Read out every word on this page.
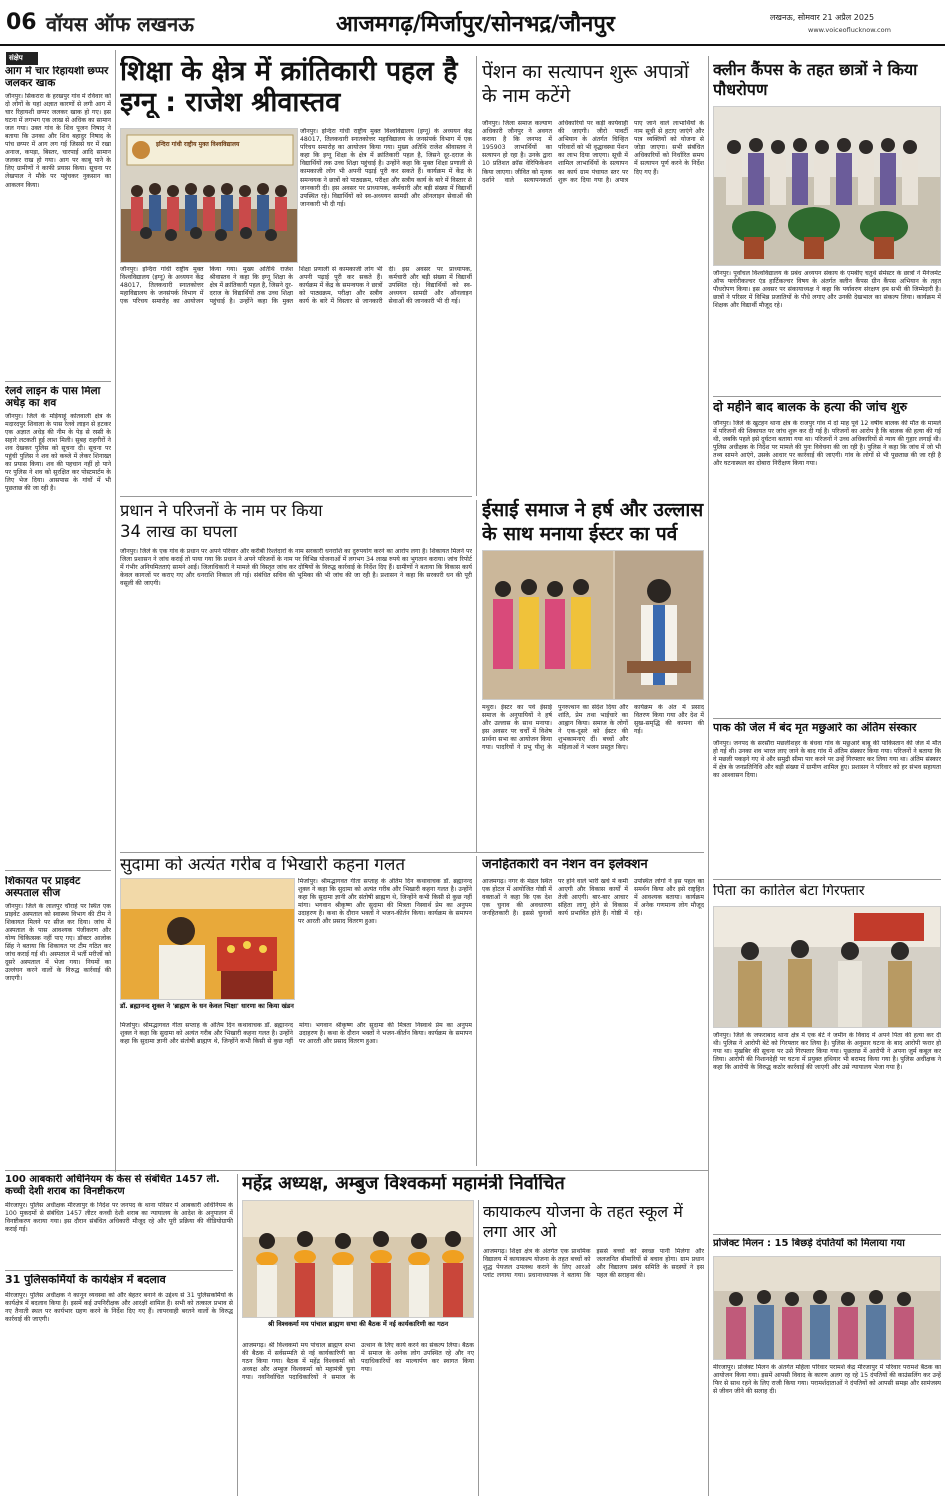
06 वॉयस ऑफ लखनऊ	आजमगढ़/मिर्जापुर/सोनभद्र/जौनपुर	लखनऊ, सोमवार 21 अप्रैल 2025
www.voiceoflucknow.com
संक्षेप
आग में चार रिहायशी छप्पर जलकर खाक
जौनपुर। सिकरारा के हरखपुर गांव में रविवार को दो लोगों के यहां अज्ञात कारणों से लगी आग में चार रिहायशी छप्पर जलकर खाक हो गए। इस घटना में लगभग एक लाख से अधिक का सामान जल गया। उक्त गांव के शिव पूजन निषाद ने बताया कि उनका और शिव बहादुर निषाद के पांच छप्पर में आग लग गई जिससे घर में रखा अनाज, कपड़ा, बिस्तर, चारपाई आदि सामान जलकर राख हो गया। आग पर काबू पाने के लिए ग्रामीणों ने काफी प्रयास किया। सूचना पर लेखपाल ने मौके पर पहुंचकर नुकसान का आकलन किया।
रेलवे लाइन के पास मिला अधेड़ का शव
जौनपुर। जिले के मड़ियाहूं कोतवाली क्षेत्र के मदारदपुर शिवाला के पास रेलवे लाइन से हटकर एक अज्ञात अधेड़ की नीम के पेड़ से रस्सी के सहारे लटकती हुई लाश मिली। सुबह राहगीरों ने शव देखकर पुलिस को सूचना दी। सूचना पर पहुंची पुलिस ने शव को कब्जे में लेकर शिनाख्त का प्रयास किया। शव की पहचान नहीं हो पाने पर पुलिस ने शव को सुरक्षित कर पोस्टमार्टम के लिए भेज दिया। आसपास के गांवों में भी पूछताछ की जा रही है।
शिकायत पर प्राइवेट अस्पताल सीज
जौनपुर। जिले के लालपुर चौराहे पर स्थित एक प्राइवेट अस्पताल को स्वास्थ्य विभाग की टीम ने शिकायत मिलने पर सीज कर दिया। जांच में अस्पताल के पास आवश्यक पंजीकरण और योग्य चिकित्सक नहीं पाए गए। डॉक्टर आलोक सिंह ने बताया कि शिकायत पर टीम गठित कर जांच कराई गई थी। अस्पताल में भर्ती मरीजों को दूसरे अस्पताल में भेजा गया। नियमों का उल्लंघन करने वालों के विरुद्ध कार्रवाई की जाएगी।
शिक्षा के क्षेत्र में क्रांतिकारी पहल है इग्नू : राजेश श्रीवास्तव
इन्दिरा गांधी राष्ट्रीय मुक्त विश्वविद्यालय
जौनपुर। इन्दिरा गांधी राष्ट्रीय मुक्त विश्वविद्यालय (इग्नू) के अध्ययन केंद्र 48017, तिलकधारी स्नातकोत्तर महाविद्यालय के जनसंपर्क विभाग में एक परिचय समारोह का आयोजन किया गया। मुख्य अतिथि राजेश श्रीवास्तव ने कहा कि इग्नू शिक्षा के क्षेत्र में क्रांतिकारी पहल है, जिसने दूर-दराज के विद्यार्थियों तक उच्च शिक्षा पहुंचाई है। उन्होंने कहा कि मुक्त शिक्षा प्रणाली से कामकाजी लोग भी अपनी पढ़ाई पूरी कर सकते हैं। कार्यक्रम में केंद्र के समन्वयक ने छात्रों को पाठ्यक्रम, परीक्षा और सत्रीय कार्य के बारे में विस्तार से जानकारी दी। इस अवसर पर प्राध्यापक, कर्मचारी और बड़ी संख्या में विद्यार्थी उपस्थित रहे। विद्यार्थियों को स्व-अध्ययन सामग्री और ऑनलाइन सेवाओं की जानकारी भी दी गई।
जौनपुर। इन्दिरा गांधी राष्ट्रीय मुक्त विश्वविद्यालय (इग्नू) के अध्ययन केंद्र 48017, तिलकधारी स्नातकोत्तर महाविद्यालय के जनसंपर्क विभाग में एक परिचय समारोह का आयोजन किया गया। मुख्य अतिथि राजेश श्रीवास्तव ने कहा कि इग्नू शिक्षा के क्षेत्र में क्रांतिकारी पहल है, जिसने दूर-दराज के विद्यार्थियों तक उच्च शिक्षा पहुंचाई है। उन्होंने कहा कि मुक्त शिक्षा प्रणाली से कामकाजी लोग भी अपनी पढ़ाई पूरी कर सकते हैं। कार्यक्रम में केंद्र के समन्वयक ने छात्रों को पाठ्यक्रम, परीक्षा और सत्रीय कार्य के बारे में विस्तार से जानकारी दी। इस अवसर पर प्राध्यापक, कर्मचारी और बड़ी संख्या में विद्यार्थी उपस्थित रहे। विद्यार्थियों को स्व-अध्ययन सामग्री और ऑनलाइन सेवाओं की जानकारी भी दी गई।
पेंशन का सत्यापन शुरू अपात्रों के नाम कटेंगे
जौनपुर। जिला समाज कल्याण अधिकारी जौनपुर ने अवगत कराया है कि जनपद में 195903 लाभार्थियों का सत्यापन हो रहा है। उनके द्वारा 10 प्रतिशत क्रॉस वेरिफिकेशन किया जाएगा। जीवित को मृतक दर्शाने वाले सत्यापनकर्ता अधिकारियों पर कड़ी कार्यवाही की जाएगी। जीरो पावर्टी अभियान के अंतर्गत चिन्हित परिवारों को भी वृद्धावस्था पेंशन का लाभ दिया जाएगा। सूची में शामिल लाभार्थियों के सत्यापन का कार्य ग्राम पंचायत स्तर पर शुरू कर दिया गया है। अपात्र पाए जाने वाले लाभार्थियों के नाम सूची से हटाए जाएंगे और पात्र व्यक्तियों को योजना से जोड़ा जाएगा। सभी संबंधित अधिकारियों को निर्धारित समय में सत्यापन पूर्ण करने के निर्देश दिए गए हैं।
क्लीन कैंपस के तहत छात्रों ने किया पौधरोपण
जौनपुर। पूर्वांचल विश्वविद्यालय के प्रबंध अध्ययन संकाय के एमबीए चतुर्थ सेमेस्टर के छात्रों ने मैनेजमेंट ऑफ फ्लोरीकल्चर एंड हार्टिकल्चर विषय के अंतर्गत क्लीन कैंपस ग्रीन कैंपस अभियान के तहत पौधरोपण किया। इस अवसर पर संकायाध्यक्ष ने कहा कि पर्यावरण संरक्षण हम सभी की जिम्मेदारी है। छात्रों ने परिसर में विभिन्न प्रजातियों के पौधे लगाए और उनकी देखभाल का संकल्प लिया। कार्यक्रम में शिक्षक और विद्यार्थी मौजूद रहे।
दो महीने बाद बालक के हत्या की जांच शुरु
जौनपुर। जिले के खुटहन थाना क्षेत्र के राजपुर गांव में दो माह पूर्व 12 वर्षीय बालक की मौत के मामले में परिजनों की शिकायत पर जांच शुरू कर दी गई है। परिजनों का आरोप है कि बालक की हत्या की गई थी, जबकि पहले इसे दुर्घटना बताया गया था। परिजनों ने उच्च अधिकारियों से न्याय की गुहार लगाई थी। पुलिस अधीक्षक के निर्देश पर मामले की पुनः विवेचना की जा रही है। पुलिस ने कहा कि जांच में जो भी तथ्य सामने आएंगे, उसके आधार पर कार्रवाई की जाएगी। गांव के लोगों से भी पूछताछ की जा रही है और घटनास्थल का दोबारा निरीक्षण किया गया।
पाक की जेल में बंद मृत मछुआरे का अंतिम संस्कार
जौनपुर। जनपद के सरसौरा मछलीशहर के बंधवा गांव के मछुआरे बाबू की पाकिस्तान की जेल में मौत हो गई थी। उनका शव भारत लाए जाने के बाद गांव में अंतिम संस्कार किया गया। परिजनों ने बताया कि वे मछली पकड़ने गए थे और समुद्री सीमा पार करने पर उन्हें गिरफ्तार कर लिया गया था। अंतिम संस्कार में क्षेत्र के जनप्रतिनिधि और बड़ी संख्या में ग्रामीण शामिल हुए। प्रशासन ने परिवार को हर संभव सहायता का आश्वासन दिया।
पिता का कातिल बेटा गिरफ्तार
जौनपुर। जिले के जफराबाद थाना क्षेत्र में एक बेटे ने जमीन के विवाद में अपने पिता की हत्या कर दी थी। पुलिस ने आरोपी बेटे को गिरफ्तार कर लिया है। पुलिस के अनुसार घटना के बाद आरोपी फरार हो गया था। मुखबिर की सूचना पर उसे गिरफ्तार किया गया। पूछताछ में आरोपी ने अपना जुर्म कबूल कर लिया। आरोपी की निशानदेही पर घटना में प्रयुक्त हथियार भी बरामद किया गया है। पुलिस अधीक्षक ने कहा कि आरोपी के विरुद्ध कठोर कार्रवाई की जाएगी और उसे न्यायालय भेजा गया है।
प्रोजेक्ट मिलन : 15 बिछड़े दंपतियों को मिलाया गया
मीरजापुर। प्रोजेक्ट मिलन के अंतर्गत महिला परिवार परामर्श केंद्र मीरजापुर में परिवार परामर्श बैठक का आयोजन किया गया। इसमें आपसी विवाद के कारण अलग रह रहे 15 दंपतियों की काउंसलिंग कर उन्हें फिर से साथ रहने के लिए राजी किया गया। परामर्शदाताओं ने दंपतियों को आपसी समझ और सामंजस्य से जीवन जीने की सलाह दी।
प्रधान ने परिजनों के नाम पर किया 34 लाख का घपला
जौनपुर। जिले के एक गांव के प्रधान पर अपने परिवार और करीबी रिश्तेदारों के नाम सरकारी धनराशि का दुरुपयोग करने का आरोप लगा है। शिकायत मिलने पर जिला प्रशासन ने जांच कराई तो पाया गया कि प्रधान ने अपने परिजनों के नाम पर विभिन्न योजनाओं में लगभग 34 लाख रुपये का भुगतान कराया। जांच रिपोर्ट में गंभीर अनियमितताएं सामने आईं। जिलाधिकारी ने मामले की विस्तृत जांच कर दोषियों के विरुद्ध कार्रवाई के निर्देश दिए हैं। ग्रामीणों ने बताया कि विकास कार्य केवल कागजों पर कराए गए और धनराशि निकाल ली गई। संबंधित सचिव की भूमिका की भी जांच की जा रही है। प्रशासन ने कहा कि सरकारी धन की पूरी वसूली की जाएगी।
ईसाई समाज ने हर्ष और उल्लास के साथ मनाया ईस्टर का पर्व
मथुरा। ईस्टर का पर्व ईसाई समाज के अनुयायियों ने हर्ष और उल्लास के साथ मनाया। इस अवसर पर चर्चों में विशेष प्रार्थना सभा का आयोजन किया गया। पादरियों ने प्रभु यीशु के पुनरुत्थान का संदेश दिया और शांति, प्रेम तथा भाईचारे का आह्वान किया। समाज के लोगों ने एक-दूसरे को ईस्टर की शुभकामनाएं दीं। बच्चों और महिलाओं ने भजन प्रस्तुत किए। कार्यक्रम के अंत में प्रसाद वितरण किया गया और देश में सुख-समृद्धि की कामना की गई।
सुदामा को अत्यंत गरीब व भिखारी कहना गलत
डॉ. ब्रह्मानन्द शुक्ल ने 'ब्राह्मण के धन केवल भिक्षा' धारणा का किया खंडन
मिर्जापुर। श्रीमद्भागवत गीता सप्ताह के अंतिम दिन कथावाचक डॉ. ब्रह्मानन्द शुक्ल ने कहा कि सुदामा को अत्यंत गरीब और भिखारी कहना गलत है। उन्होंने कहा कि सुदामा ज्ञानी और संतोषी ब्राह्मण थे, जिन्होंने कभी किसी से कुछ नहीं मांगा। भगवान श्रीकृष्ण और सुदामा की मित्रता निस्वार्थ प्रेम का अनुपम उदाहरण है। कथा के दौरान भक्तों ने भजन-कीर्तन किया। कार्यक्रम के समापन पर आरती और प्रसाद वितरण हुआ।
मिर्जापुर। श्रीमद्भागवत गीता सप्ताह के अंतिम दिन कथावाचक डॉ. ब्रह्मानन्द शुक्ल ने कहा कि सुदामा को अत्यंत गरीब और भिखारी कहना गलत है। उन्होंने कहा कि सुदामा ज्ञानी और संतोषी ब्राह्मण थे, जिन्होंने कभी किसी से कुछ नहीं मांगा। भगवान श्रीकृष्ण और सुदामा की मित्रता निस्वार्थ प्रेम का अनुपम उदाहरण है। कथा के दौरान भक्तों ने भजन-कीर्तन किया। कार्यक्रम के समापन पर आरती और प्रसाद वितरण हुआ।
जनहितकारी वन नेशन वन इलेक्शन
आजमगढ़। नगर के मंडल स्थित एक होटल में आयोजित गोष्ठी में वक्ताओं ने कहा कि एक देश एक चुनाव की अवधारणा जनहितकारी है। इससे चुनावों पर होने वाले भारी खर्च में कमी आएगी और विकास कार्यों में तेजी आएगी। बार-बार आचार संहिता लागू होने से विकास कार्य प्रभावित होते हैं। गोष्ठी में उपस्थित लोगों ने इस पहल का समर्थन किया और इसे राष्ट्रहित में आवश्यक बताया। कार्यक्रम में अनेक गणमान्य लोग मौजूद रहे।
100 आबकारी अधिनियम के केस से संबंधित 1457 ली. कच्ची देशी शराब का विनष्टीकरण
मीरजापुर। पुलिस अधीक्षक मीरजापुर के निर्देश पर जनपद के थाना परिसर में आबकारी अधिनियम के 100 मुकदमों से संबंधित 1457 लीटर कच्ची देशी शराब का न्यायालय के आदेश के अनुपालन में विनष्टीकरण कराया गया। इस दौरान संबंधित अधिकारी मौजूद रहे और पूरी प्रक्रिया की वीडियोग्राफी कराई गई।
31 पुलिसकर्मियों के कार्यक्षेत्र में बदलाव
मीरजापुर। पुलिस अधीक्षक ने कानून व्यवस्था को और बेहतर बनाने के उद्देश्य से 31 पुलिसकर्मियों के कार्यक्षेत्र में बदलाव किया है। इसमें कई उपनिरीक्षक और आरक्षी शामिल हैं। सभी को तत्काल प्रभाव से नए तैनाती स्थल पर कार्यभार ग्रहण करने के निर्देश दिए गए हैं। लापरवाही बरतने वालों के विरुद्ध कार्रवाई की जाएगी।
महेंद्र अध्यक्ष, अम्बुज विश्वकर्मा महामंत्री निर्वाचित
श्री विश्वकर्मा मय पांचाल ब्राह्मण सभा की बैठक में नई कार्यकारिणी का गठन
आजमगढ़। श्री विश्वकर्मा मय पांचाल ब्राह्मण सभा की बैठक में सर्वसम्मति से नई कार्यकारिणी का गठन किया गया। बैठक में महेंद्र विश्वकर्मा को अध्यक्ष और अम्बुज विश्वकर्मा को महामंत्री चुना गया। नवनिर्वाचित पदाधिकारियों ने समाज के उत्थान के लिए कार्य करने का संकल्प लिया। बैठक में समाज के अनेक लोग उपस्थित रहे और नए पदाधिकारियों का माल्यार्पण कर स्वागत किया गया।
कायाकल्प योजना के तहत स्कूल में लगा आर ओ
आजमगढ़। शिक्षा क्षेत्र के अंतर्गत एक प्राथमिक विद्यालय में कायाकल्प योजना के तहत बच्चों को शुद्ध पेयजल उपलब्ध कराने के लिए आरओ प्लांट लगाया गया। प्रधानाध्यापक ने बताया कि इससे बच्चों को स्वच्छ पानी मिलेगा और जलजनित बीमारियों से बचाव होगा। ग्राम प्रधान और विद्यालय प्रबंध समिति के सदस्यों ने इस पहल की सराहना की।
